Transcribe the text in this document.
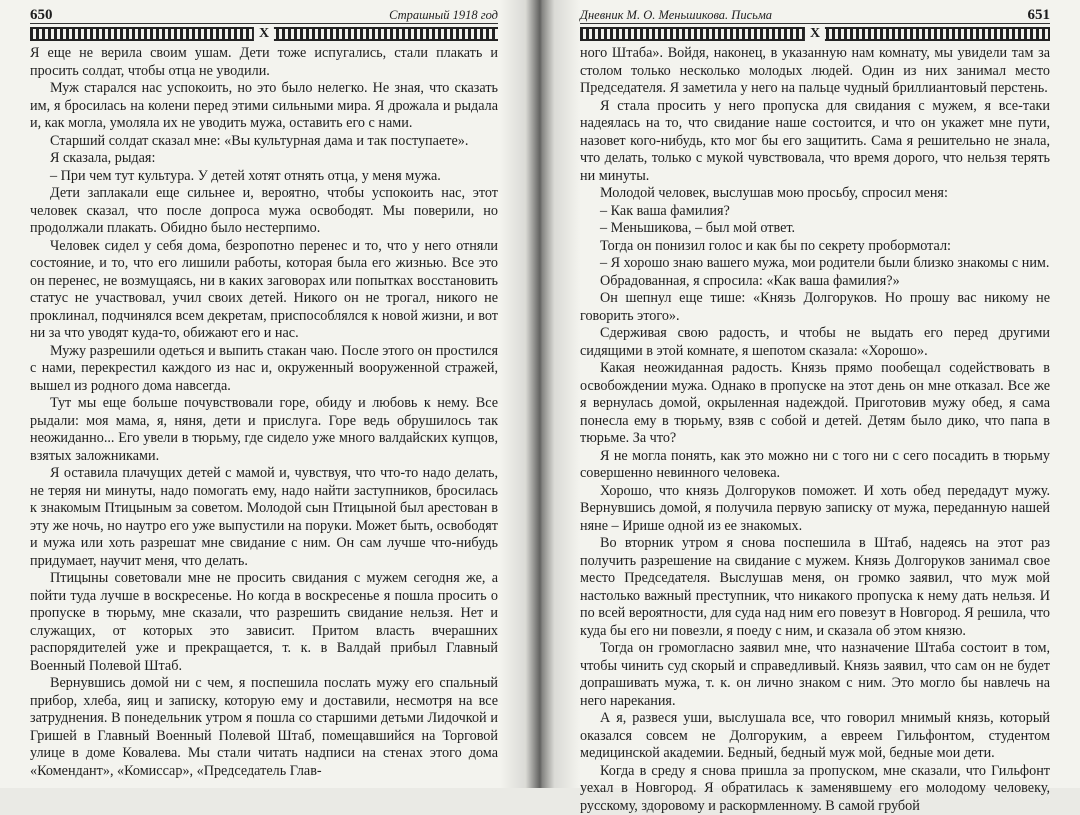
650	Страшный 1918 год
X

Я еще не верила своим ушам. Дети тоже испугались, стали плакать и просить солдат, чтобы отца не уводили.

Муж старался нас успокоить, но это было нелегко. Не зная, что сказать им, я бросилась на колени перед этими сильными мира. Я дрожала и рыдала и, как могла, умоляла их не уводить мужа, оставить его с нами.

Старший солдат сказал мне: «Вы культурная дама и так поступаете».

Я сказала, рыдая:

– При чем тут культура. У детей хотят отнять отца, у меня мужа.

Дети заплакали еще сильнее и, вероятно, чтобы успокоить нас, этот человек сказал, что после допроса мужа освободят. Мы поверили, но продолжали плакать. Обидно было нестерпимо.

Человек сидел у себя дома, безропотно перенес и то, что у него отняли состояние, и то, что его лишили работы, которая была его жизнью. Все это он перенес, не возмущаясь, ни в каких заговорах или попытках восстановить статус не участвовал, учил своих детей. Никого он не трогал, никого не проклинал, подчинялся всем декретам, приспособлялся к новой жизни, и вот ни за что уводят куда-то, обижают его и нас.

Мужу разрешили одеться и выпить стакан чаю. После этого он простился с нами, перекрестил каждого из нас и, окруженный вооруженной стражей, вышел из родного дома навсегда.

Тут мы еще больше почувствовали горе, обиду и любовь к нему. Все рыдали: моя мама, я, няня, дети и прислуга. Горе ведь обрушилось так неожиданно... Его увели в тюрьму, где сидело уже много валдайских купцов, взятых заложниками.

Я оставила плачущих детей с мамой и, чувствуя, что что-то надо делать, не теряя ни минуты, надо помогать ему, надо найти заступников, бросилась к знакомым Птицыным за советом. Молодой сын Птицыной был арестован в эту же ночь, но наутро его уже выпустили на поруки. Может быть, освободят и мужа или хоть разрешат мне свидание с ним. Он сам лучше что-нибудь придумает, научит меня, что делать.

Птицыны советовали мне не просить свидания с мужем сегодня же, а пойти туда лучше в воскресенье. Но когда в воскресенье я пошла просить о пропуске в тюрьму, мне сказали, что разрешить свидание нельзя. Нет и служащих, от которых это зависит. Притом власть вчерашних распорядителей уже и прекращается, т. к. в Валдай прибыл Главный Военный Полевой Штаб.

Вернувшись домой ни с чем, я поспешила послать мужу его спальный прибор, хлеба, яиц и записку, которую ему и доставили, несмотря на все затруднения. В понедельник утром я пошла со старшими детьми Лидочкой и Гришей в Главный Военный Полевой Штаб, помещавшийся на Торговой улице в доме Ковалева. Мы стали читать надписи на стенах этого дома «Комендант», «Комиссар», «Председатель Глав-

Дневник М. О. Меньшикова. Письма	651
X

ного Штаба». Войдя, наконец, в указанную нам комнату, мы увидели там за столом только несколько молодых людей. Один из них занимал место Председателя. Я заметила у него на пальце чудный бриллиантовый перстень.

Я стала просить у него пропуска для свидания с мужем, я все-таки надеялась на то, что свидание наше состоится, и что он укажет мне пути, назовет кого-нибудь, кто мог бы его защитить. Сама я решительно не знала, что делать, только с мукой чувствовала, что время дорого, что нельзя терять ни минуты.

Молодой человек, выслушав мою просьбу, спросил меня:

– Как ваша фамилия?

– Меньшикова, – был мой ответ.

Тогда он понизил голос и как бы по секрету пробормотал:

– Я хорошо знаю вашего мужа, мои родители были близко знакомы с ним.

Обрадованная, я спросила: «Как ваша фамилия?»

Он шепнул еще тише: «Князь Долгоруков. Но прошу вас никому не говорить этого».

Сдерживая свою радость, и чтобы не выдать его перед другими сидящими в этой комнате, я шепотом сказала: «Хорошо».

Какая неожиданная радость. Князь прямо пообещал содействовать в освобождении мужа. Однако в пропуске на этот день он мне отказал. Все же я вернулась домой, окрыленная надеждой. Приготовив мужу обед, я сама понесла ему в тюрьму, взяв с собой и детей. Детям было дико, что папа в тюрьме. За что?

Я не могла понять, как это можно ни с того ни с сего посадить в тюрьму совершенно невинного человека.

Хорошо, что князь Долгоруков поможет. И хоть обед передадут мужу. Вернувшись домой, я получила первую записку от мужа, переданную нашей няне – Ирише одной из ее знакомых.

Во вторник утром я снова поспешила в Штаб, надеясь на этот раз получить разрешение на свидание с мужем. Князь Долгоруков занимал свое место Председателя. Выслушав меня, он громко заявил, что муж мой настолько важный преступник, что никакого пропуска к нему дать нельзя. И по всей вероятности, для суда над ним его повезут в Новгород. Я решила, что куда бы его ни повезли, я поеду с ним, и сказала об этом князю.

Тогда он громогласно заявил мне, что назначение Штаба состоит в том, чтобы чинить суд скорый и справедливый. Князь заявил, что сам он не будет допрашивать мужа, т. к. он лично знаком с ним. Это могло бы навлечь на него нарекания.

А я, развеся уши, выслушала все, что говорил мнимый князь, который оказался совсем не Долгоруким, а евреем Гильфонтом, студентом медицинской академии. Бедный, бедный муж мой, бедные мои дети.

Когда в среду я снова пришла за пропуском, мне сказали, что Гильфонт уехал в Новгород. Я обратилась к заменявшему его молодому человеку, русскому, здоровому и раскормленному. В самой грубой
